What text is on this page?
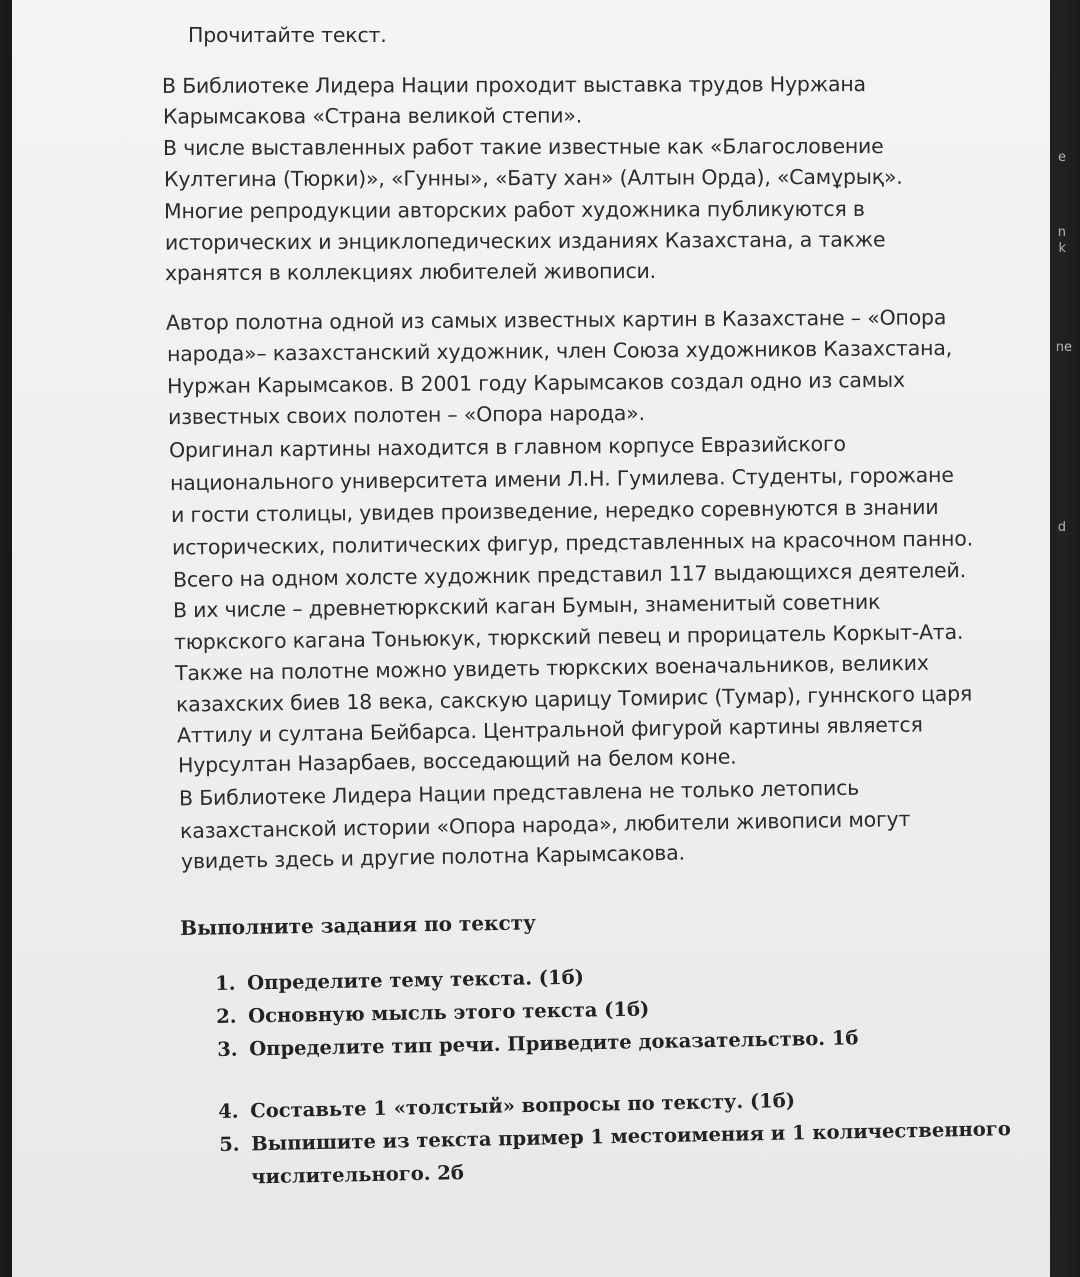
e
n
k
ne
d

Прочитайте текст.

В Библиотеке Лидера Нации проходит выставка трудов Нуржана

Карымсакова «Страна великой степи».

В числе выставленных работ такие известные как «Благословение

Култегина (Тюрки)», «Гунны», «Бату хан» (Алтын Орда), «Самұрық».

Многие репродукции авторских работ художника публикуются в

исторических и энциклопедических изданиях Казахстана, а также

хранятся в коллекциях любителей живописи.

Автор полотна одной из самых известных картин в Казахстане – «Опора

народа»– казахстанский художник, член Союза художников Казахстана,

Нуржан Карымсаков. В 2001 году Карымсаков создал одно из самых

известных своих полотен – «Опора народа».

Оригинал картины находится в главном корпусе Евразийского

национального университета имени Л.Н. Гумилева. Студенты, горожане

и гости столицы, увидев произведение, нередко соревнуются в знании

исторических, политических фигур, представленных на красочном панно.

Всего на одном холсте художник представил 117 выдающихся деятелей.

В их числе – древнетюркский каган Бумын, знаменитый советник

тюркского кагана Тоньюкук, тюркский певец и прорицатель Коркыт-Ата.

Также на полотне можно увидеть тюркских военачальников, великих

казахских биев 18 века, сакскую царицу Томирис (Тумар), гуннского царя

Аттилу и султана Бейбарса. Центральной фигурой картины является

Нурсултан Назарбаев, восседающий на белом коне.

В Библиотеке Лидера Нации представлена не только летопись

казахстанской истории «Опора народа», любители живописи могут

увидеть здесь и другие полотна Карымсакова.

Выполните задания по тексту

1. Определите тему текста. (1б)
2. Основную мысль этого текста (1б)
3. Определите тип речи. Приведите доказательство. 1б
4. Составьте 1 «толстый» вопросы по тексту. (1б)
5. Выпишите из текста пример 1 местоимения и 1 количественного
числительного. 2б
